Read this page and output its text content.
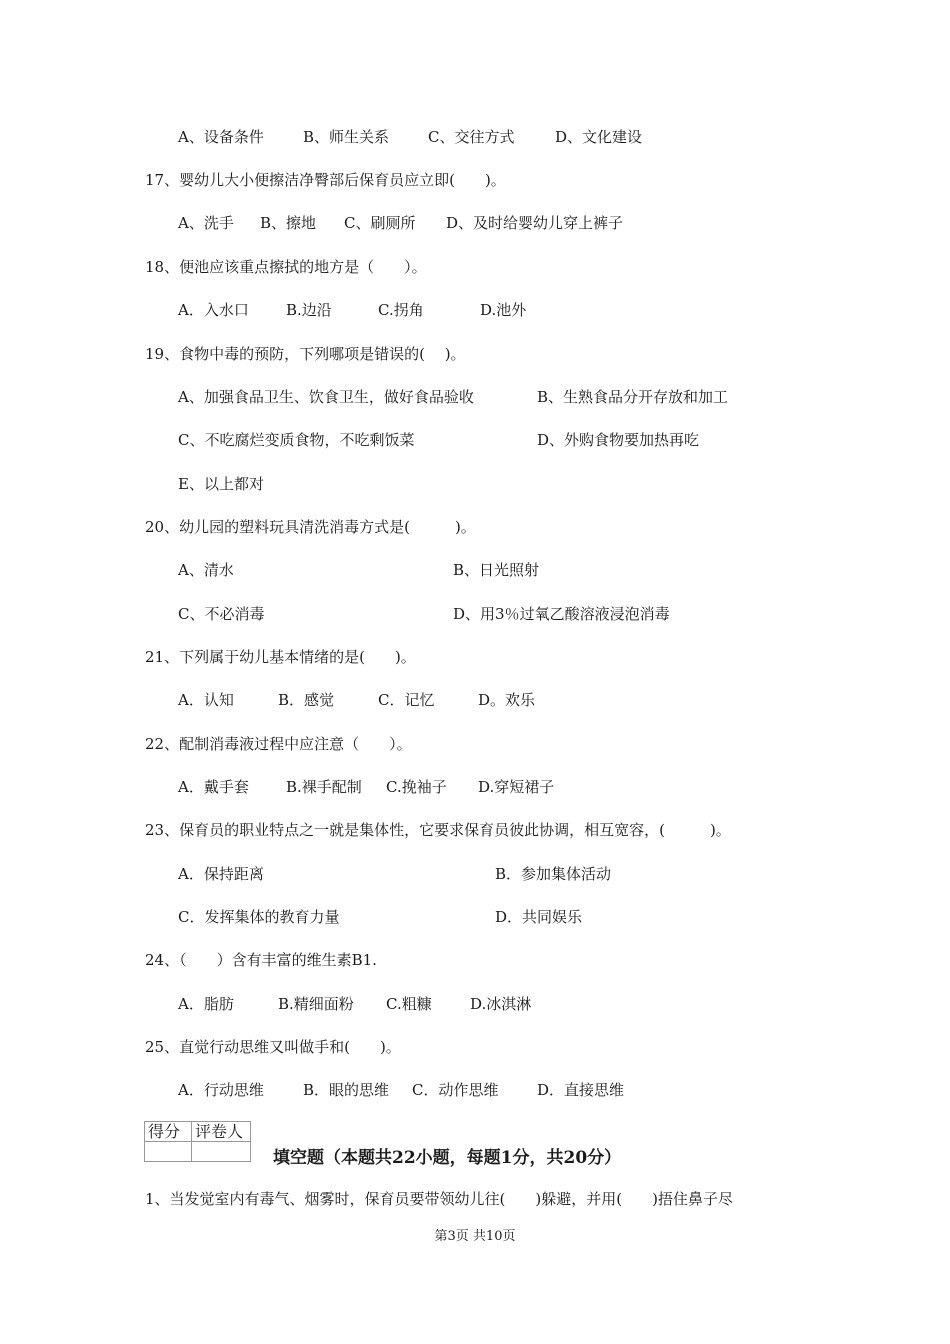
A、设备条件	B、师生关系	C、交往方式	D、文化建设
17、婴幼儿大小便擦洁净臀部后保育员应立即(　　)。
A、洗手 B、擦地 C、刷厕所 D、及时给婴幼儿穿上裤子
18、便池应该重点擦拭的地方是（　　）。
A．入水口 B.边沿	C.拐角	D.池外
19、食物中毒的预防，下列哪项是错误的(　 )。
A、加强食品卫生、饮食卫生，做好食品验收	B、生熟食品分开存放和加工
C、不吃腐烂变质食物，不吃剩饭菜	D、外购食物要加热再吃
E、以上都对
20、幼儿园的塑料玩具清洗消毒方式是(　　　)。
A、清水	B、日光照射
C、不必消毒	D、用3％过氧乙酸溶液浸泡消毒
21、下列属于幼儿基本情绪的是(　　)。
A．认知	B．感觉	C．记忆	D。欢乐
22、配制消毒液过程中应注意（　　）。
A．戴手套 B.裸手配制 C.挽袖子 D.穿短裙子
23、保育员的职业特点之一就是集体性，它要求保育员彼此协调，相互宽容，(　　　)。
A．保持距离	B．参加集体活动
C．发挥集体的教育力量	D．共同娱乐
24、（　　）含有丰富的维生素B1.
A．脂肪	B.精细面粉 C.粗糠	D.冰淇淋
25、直觉行动思维又叫做手和(　　)。
A．行动思维	B．眼的思维 C．动作思维	D．直接思维
得分	评卷人

填空题（本题共22小题，每题1分，共20分）
1、当发觉室内有毒气、烟雾时，保育员要带领幼儿往(　　)躲避，并用(　　)捂住鼻子尽
第3页 共10页
